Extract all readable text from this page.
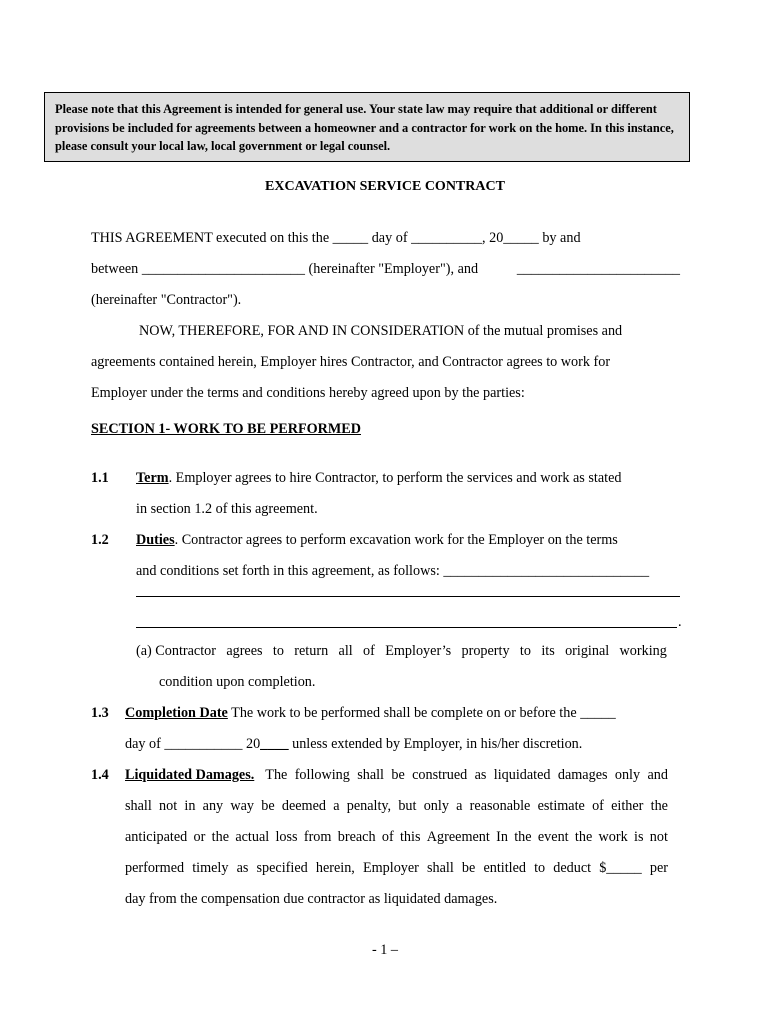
Please note that this Agreement is intended for general use. Your state law may require that additional or different provisions be included for agreements between a homeowner and a contractor for work on the home. In this instance, please consult your local law, local government or legal counsel.
EXCAVATION SERVICE CONTRACT
THIS AGREEMENT executed on this the _____ day of __________, 20_____ by and
between _______________________ (hereinafter "Employer"), and	_______________________
(hereinafter "Contractor").
NOW, THEREFORE, FOR AND IN CONSIDERATION of the mutual promises and
agreements contained herein, Employer hires Contractor, and Contractor agrees to work for
Employer under the terms and conditions hereby agreed upon by the parties:
SECTION 1- WORK TO BE PERFORMED
1.1 Term. Employer agrees to hire Contractor, to perform the services and work as stated
in section 1.2 of this agreement.
1.2 Duties. Contractor agrees to perform excavation work for the Employer on the terms
and conditions set forth in this agreement, as follows: _____________________________
.
(a) Contractor agrees to return all of Employer’s property to its original working
condition upon completion.
1.3 Completion Date The work to be performed shall be complete on or before the _____
day of ___________ 20____ unless extended by Employer, in his/her discretion.
1.4 Liquidated Damages. The following shall be construed as liquidated damages only and
shall not in any way be deemed a penalty, but only a reasonable estimate of either the
anticipated or the actual loss from breach of this Agreement In the event the work is not
performed timely as specified herein, Employer shall be entitled to deduct $_____ per
day from the compensation due contractor as liquidated damages.
- 1 –
